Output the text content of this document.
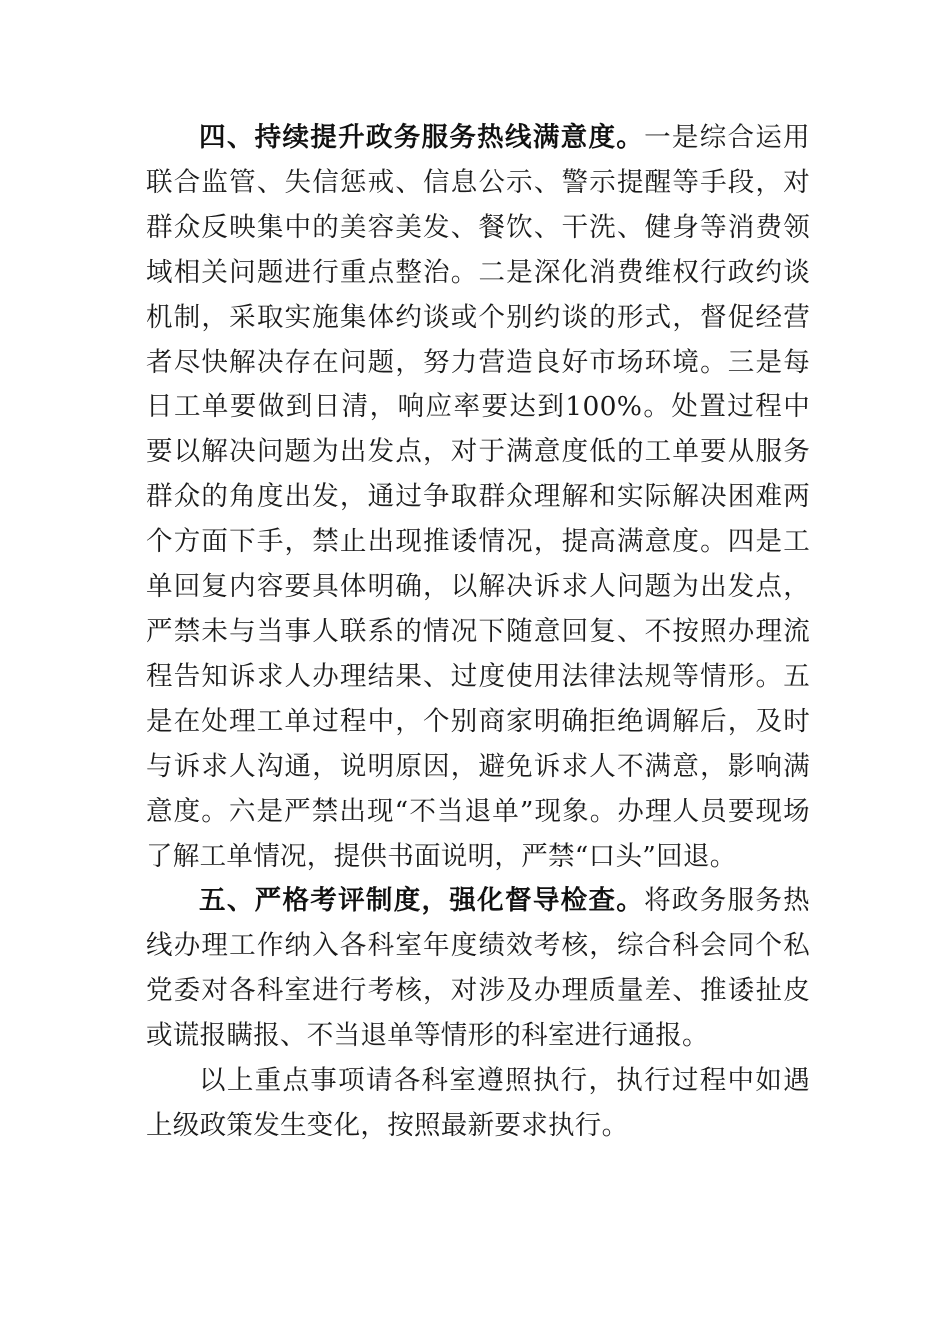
四、持续提升政务服务热线满意度。一是综合运用联合监管、失信惩戒、信息公示、警示提醒等手段，对群众反映集中的美容美发、餐饮、干洗、健身等消费领域相关问题进行重点整治。二是深化消费维权行政约谈机制，采取实施集体约谈或个别约谈的形式，督促经营者尽快解决存在问题，努力营造良好市场环境。三是每日工单要做到日清，响应率要达到100%。处置过程中要以解决问题为出发点，对于满意度低的工单要从服务群众的角度出发，通过争取群众理解和实际解决困难两个方面下手，禁止出现推诿情况，提高满意度。四是工单回复内容要具体明确，以解决诉求人问题为出发点，严禁未与当事人联系的情况下随意回复、不按照办理流程告知诉求人办理结果、过度使用法律法规等情形。五是在处理工单过程中，个别商家明确拒绝调解后，及时与诉求人沟通，说明原因，避免诉求人不满意，影响满意度。六是严禁出现“不当退单”现象。办理人员要现场了解工单情况，提供书面说明，严禁“口头”回退。

五、严格考评制度，强化督导检查。将政务服务热线办理工作纳入各科室年度绩效考核，综合科会同个私党委对各科室进行考核，对涉及办理质量差、推诿扯皮或谎报瞒报、不当退单等情形的科室进行通报。

以上重点事项请各科室遵照执行，执行过程中如遇上级政策发生变化，按照最新要求执行。
